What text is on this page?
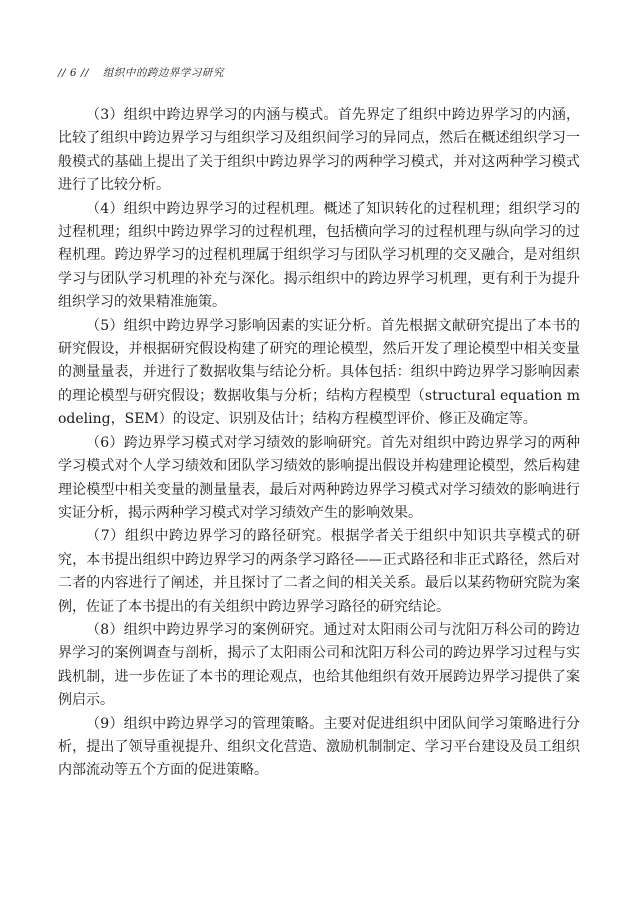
// 6 // 组织中的跨边界学习研究

（3）组织中跨边界学习的内涵与模式。首先界定了组织中跨边界学习的内涵，比较了组织中跨边界学习与组织学习及组织间学习的异同点，然后在概述组织学习一般模式的基础上提出了关于组织中跨边界学习的两种学习模式，并对这两种学习模式进行了比较分析。

（4）组织中跨边界学习的过程机理。概述了知识转化的过程机理；组织学习的过程机理；组织中跨边界学习的过程机理，包括横向学习的过程机理与纵向学习的过程机理。跨边界学习的过程机理属于组织学习与团队学习机理的交叉融合，是对组织学习与团队学习机理的补充与深化。揭示组织中的跨边界学习机理，更有利于为提升组织学习的效果精准施策。

（5）组织中跨边界学习影响因素的实证分析。首先根据文献研究提出了本书的研究假设，并根据研究假设构建了研究的理论模型，然后开发了理论模型中相关变量的测量量表，并进行了数据收集与结论分析。具体包括：组织中跨边界学习影响因素的理论模型与研究假设；数据收集与分析；结构方程模型（structural equation modeling，SEM）的设定、识别及估计；结构方程模型评价、修正及确定等。

（6）跨边界学习模式对学习绩效的影响研究。首先对组织中跨边界学习的两种学习模式对个人学习绩效和团队学习绩效的影响提出假设并构建理论模型，然后构建理论模型中相关变量的测量量表，最后对两种跨边界学习模式对学习绩效的影响进行实证分析，揭示两种学习模式对学习绩效产生的影响效果。

（7）组织中跨边界学习的路径研究。根据学者关于组织中知识共享模式的研究，本书提出组织中跨边界学习的两条学习路径——正式路径和非正式路径，然后对二者的内容进行了阐述，并且探讨了二者之间的相关关系。最后以某药物研究院为案例，佐证了本书提出的有关组织中跨边界学习路径的研究结论。

（8）组织中跨边界学习的案例研究。通过对太阳雨公司与沈阳万科公司的跨边界学习的案例调查与剖析，揭示了太阳雨公司和沈阳万科公司的跨边界学习过程与实践机制，进一步佐证了本书的理论观点，也给其他组织有效开展跨边界学习提供了案例启示。

（9）组织中跨边界学习的管理策略。主要对促进组织中团队间学习策略进行分析，提出了领导重视提升、组织文化营造、激励机制制定、学习平台建设及员工组织内部流动等五个方面的促进策略。
